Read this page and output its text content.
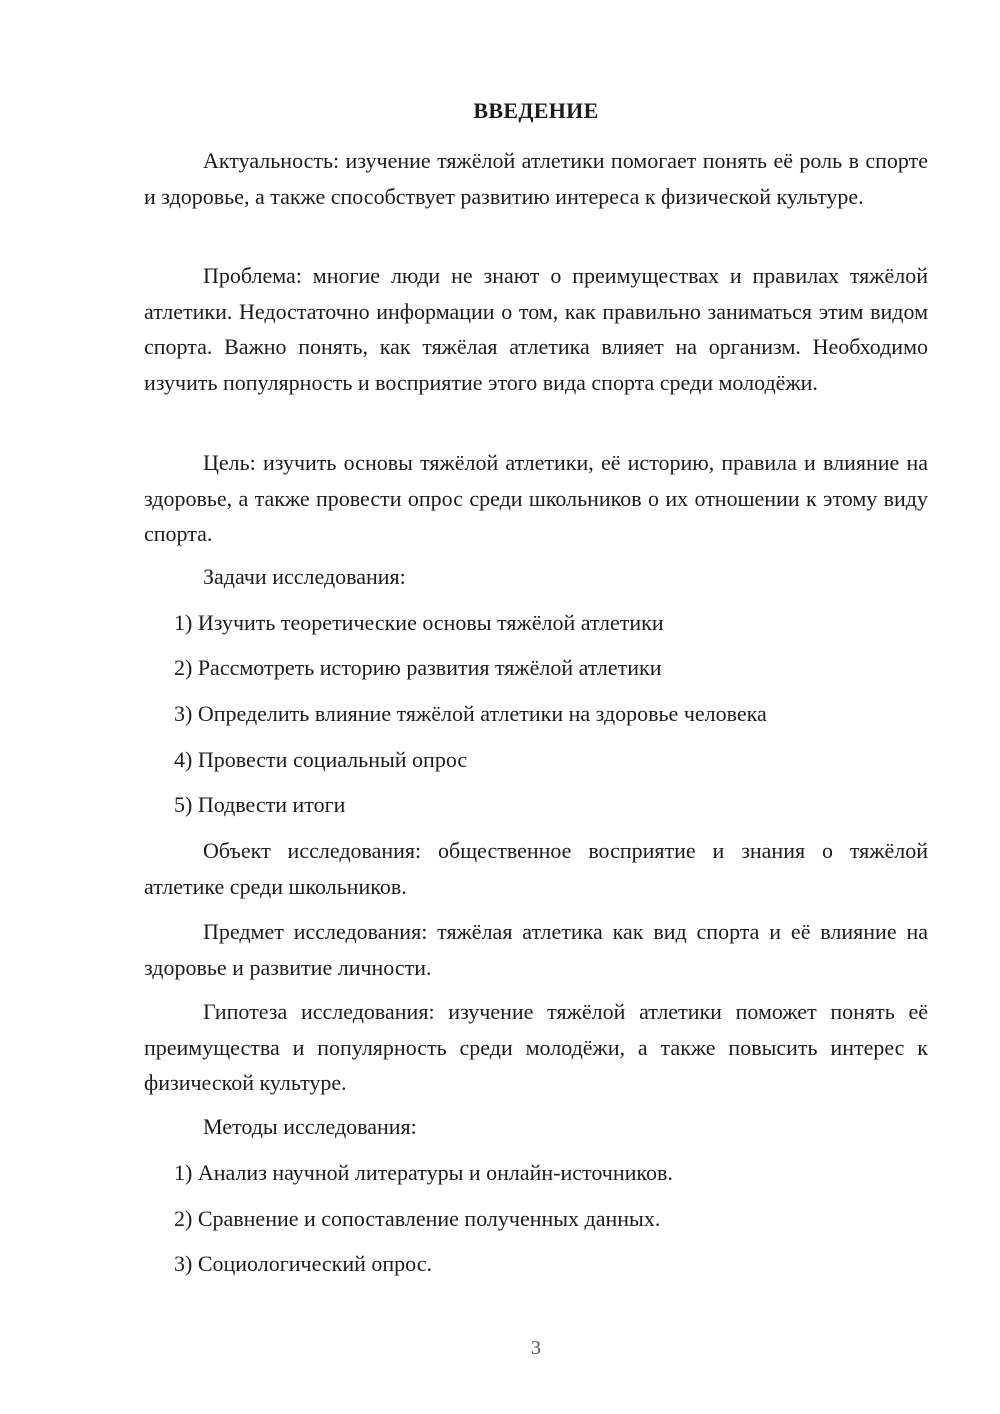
ВВЕДЕНИЕ

Актуальность: изучение тяжёлой атлетики помогает понять её роль в спорте и здоровье, а также способствует развитию интереса к физической культуре.

Проблема: многие люди не знают о преимуществах и правилах тяжёлой атлетики. Недостаточно информации о том, как правильно заниматься этим видом спорта. Важно понять, как тяжёлая атлетика влияет на организм. Необходимо изучить популярность и восприятие этого вида спорта среди молодёжи.

Цель: изучить основы тяжёлой атлетики, её историю, правила и влияние на здоровье, а также провести опрос среди школьников о их отношении к этому виду спорта.

Задачи исследования:

1) Изучить теоретические основы тяжёлой атлетики

2) Рассмотреть историю развития тяжёлой атлетики

3) Определить влияние тяжёлой атлетики на здоровье человека

4) Провести социальный опрос

5) Подвести итоги

Объект исследования: общественное восприятие и знания о тяжёлой атлетике среди школьников.

Предмет исследования: тяжёлая атлетика как вид спорта и её влияние на здоровье и развитие личности.

Гипотеза исследования: изучение тяжёлой атлетики поможет понять её преимущества и популярность среди молодёжи, а также повысить интерес к физической культуре.

Методы исследования:

1) Анализ научной литературы и онлайн-источников.

2) Сравнение и сопоставление полученных данных.

3) Социологический опрос.

3
